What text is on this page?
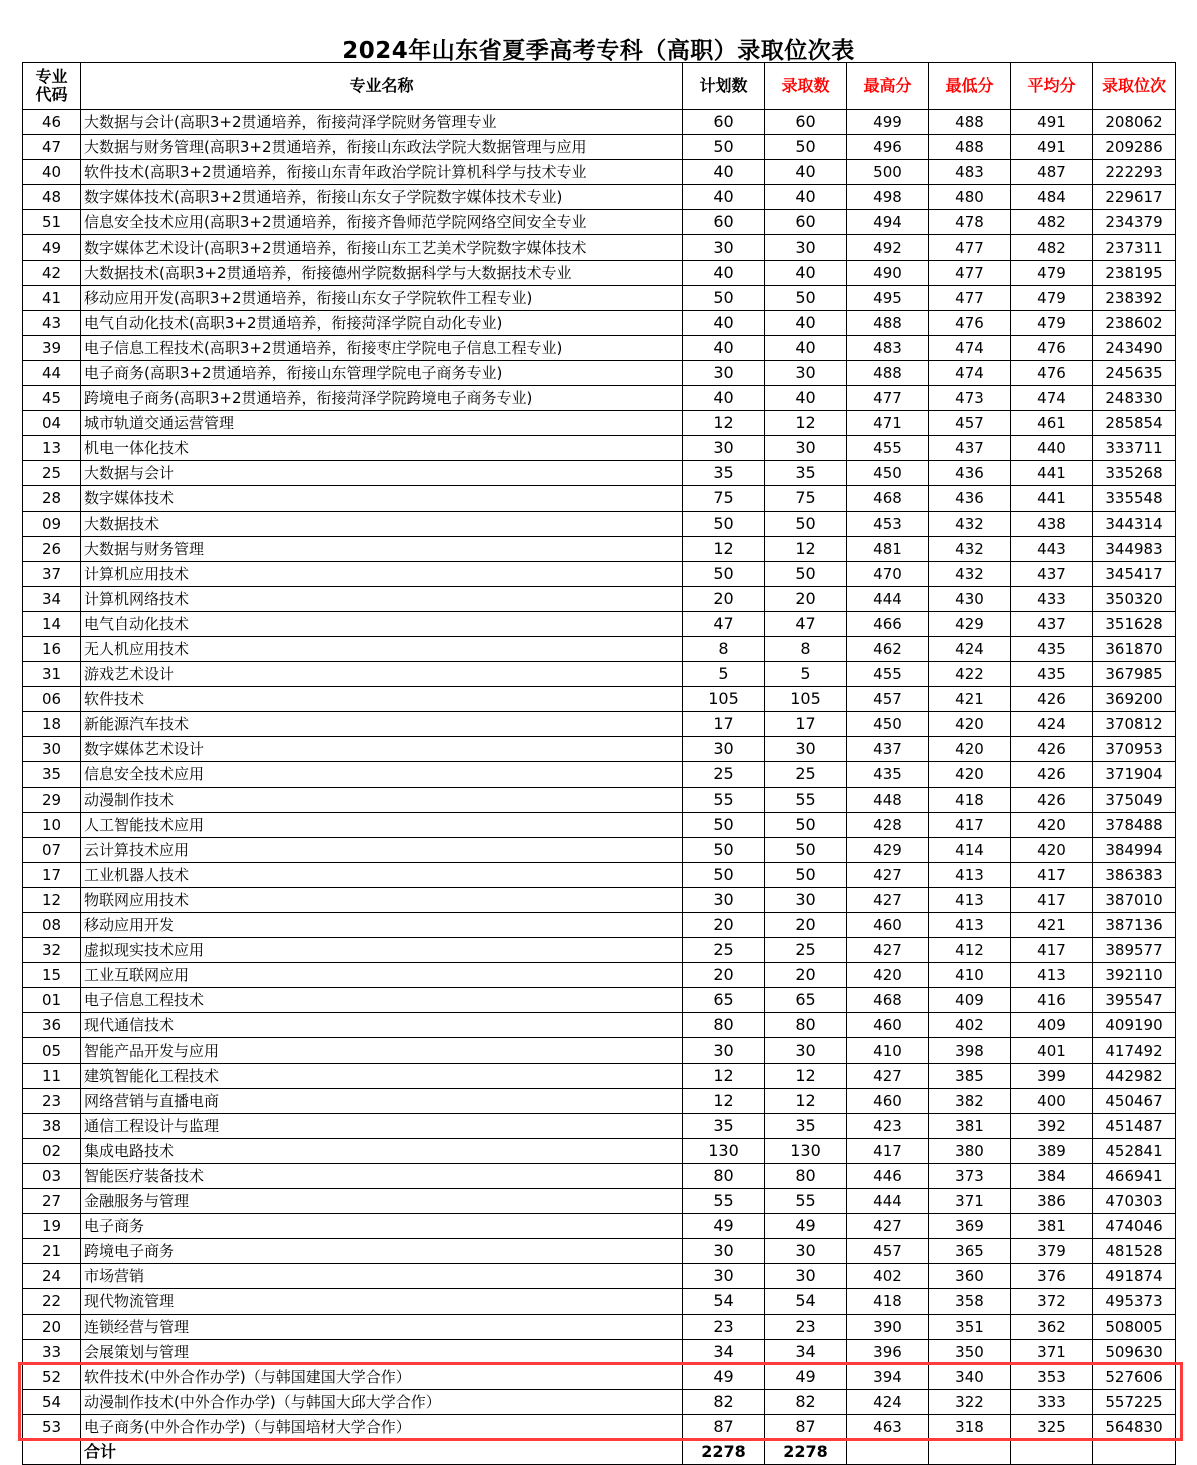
2024年山东省夏季高考专科（高职）录取位次表
专业代码	专业名称	计划数	录取数	最高分	最低分	平均分	录取位次
46	大数据与会计(高职3+2贯通培养，衔接菏泽学院财务管理专业	60	60	499	488	491	208062
47	大数据与财务管理(高职3+2贯通培养，衔接山东政法学院大数据管理与应用	50	50	496	488	491	209286
40	软件技术(高职3+2贯通培养，衔接山东青年政治学院计算机科学与技术专业	40	40	500	483	487	222293
48	数字媒体技术(高职3+2贯通培养，衔接山东女子学院数字媒体技术专业)	40	40	498	480	484	229617
51	信息安全技术应用(高职3+2贯通培养，衔接齐鲁师范学院网络空间安全专业	60	60	494	478	482	234379
49	数字媒体艺术设计(高职3+2贯通培养，衔接山东工艺美术学院数字媒体技术	30	30	492	477	482	237311
42	大数据技术(高职3+2贯通培养，衔接德州学院数据科学与大数据技术专业	40	40	490	477	479	238195
41	移动应用开发(高职3+2贯通培养，衔接山东女子学院软件工程专业)	50	50	495	477	479	238392
43	电气自动化技术(高职3+2贯通培养，衔接菏泽学院自动化专业)	40	40	488	476	479	238602
39	电子信息工程技术(高职3+2贯通培养，衔接枣庄学院电子信息工程专业)	40	40	483	474	476	243490
44	电子商务(高职3+2贯通培养，衔接山东管理学院电子商务专业)	30	30	488	474	476	245635
45	跨境电子商务(高职3+2贯通培养，衔接菏泽学院跨境电子商务专业)	40	40	477	473	474	248330
04	城市轨道交通运营管理	12	12	471	457	461	285854
13	机电一体化技术	30	30	455	437	440	333711
25	大数据与会计	35	35	450	436	441	335268
28	数字媒体技术	75	75	468	436	441	335548
09	大数据技术	50	50	453	432	438	344314
26	大数据与财务管理	12	12	481	432	443	344983
37	计算机应用技术	50	50	470	432	437	345417
34	计算机网络技术	20	20	444	430	433	350320
14	电气自动化技术	47	47	466	429	437	351628
16	无人机应用技术	8	8	462	424	435	361870
31	游戏艺术设计	5	5	455	422	435	367985
06	软件技术	105	105	457	421	426	369200
18	新能源汽车技术	17	17	450	420	424	370812
30	数字媒体艺术设计	30	30	437	420	426	370953
35	信息安全技术应用	25	25	435	420	426	371904
29	动漫制作技术	55	55	448	418	426	375049
10	人工智能技术应用	50	50	428	417	420	378488
07	云计算技术应用	50	50	429	414	420	384994
17	工业机器人技术	50	50	427	413	417	386383
12	物联网应用技术	30	30	427	413	417	387010
08	移动应用开发	20	20	460	413	421	387136
32	虚拟现实技术应用	25	25	427	412	417	389577
15	工业互联网应用	20	20	420	410	413	392110
01	电子信息工程技术	65	65	468	409	416	395547
36	现代通信技术	80	80	460	402	409	409190
05	智能产品开发与应用	30	30	410	398	401	417492
11	建筑智能化工程技术	12	12	427	385	399	442982
23	网络营销与直播电商	12	12	460	382	400	450467
38	通信工程设计与监理	35	35	423	381	392	451487
02	集成电路技术	130	130	417	380	389	452841
03	智能医疗装备技术	80	80	446	373	384	466941
27	金融服务与管理	55	55	444	371	386	470303
19	电子商务	49	49	427	369	381	474046
21	跨境电子商务	30	30	457	365	379	481528
24	市场营销	30	30	402	360	376	491874
22	现代物流管理	54	54	418	358	372	495373
20	连锁经营与管理	23	23	390	351	362	508005
33	会展策划与管理	34	34	396	350	371	509630
52	软件技术(中外合作办学)（与韩国建国大学合作）	49	49	394	340	353	527606
54	动漫制作技术(中外合作办学)（与韩国大邱大学合作）	82	82	424	322	333	557225
53	电子商务(中外合作办学)（与韩国培材大学合作）	87	87	463	318	325	564830
	合计	2278	2278				
